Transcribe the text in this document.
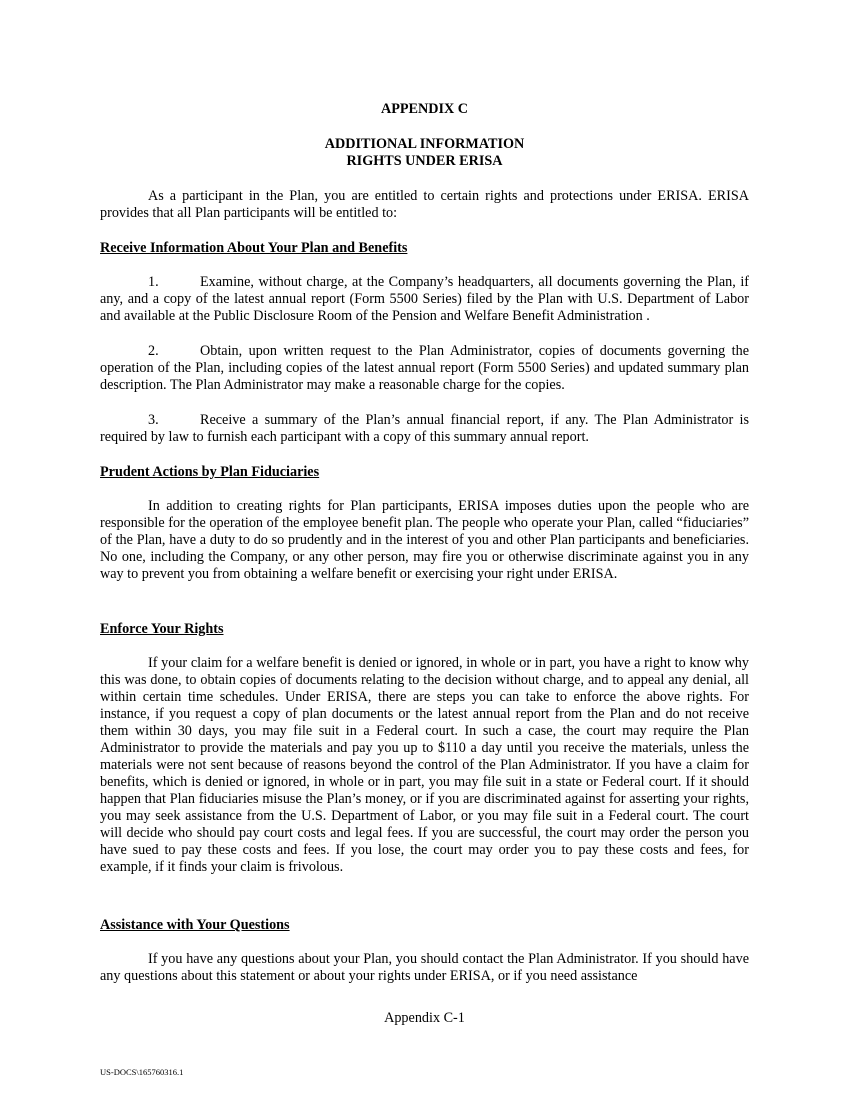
APPENDIX C
ADDITIONAL INFORMATION
RIGHTS UNDER ERISA

As a participant in the Plan, you are entitled to certain rights and protections under ERISA. ERISA provides that all Plan participants will be entitled to:

Receive Information About Your Plan and Benefits

1.	Examine, without charge, at the Company’s headquarters, all documents governing the Plan, if any, and a copy of the latest annual report (Form 5500 Series) filed by the Plan with U.S. Department of Labor and available at the Public Disclosure Room of the Pension and Welfare Benefit Administration .

2.	Obtain, upon written request to the Plan Administrator, copies of documents governing the operation of the Plan, including copies of the latest annual report (Form 5500 Series) and updated summary plan description. The Plan Administrator may make a reasonable charge for the copies.

3.	Receive a summary of the Plan’s annual financial report, if any. The Plan Administrator is required by law to furnish each participant with a copy of this summary annual report.

Prudent Actions by Plan Fiduciaries

In addition to creating rights for Plan participants, ERISA imposes duties upon the people who are responsible for the operation of the employee benefit plan. The people who operate your Plan, called “fiduciaries” of the Plan, have a duty to do so prudently and in the interest of you and other Plan participants and beneficiaries. No one, including the Company, or any other person, may fire you or otherwise discriminate against you in any way to prevent you from obtaining a welfare benefit or exercising your right under ERISA.

Enforce Your Rights

If your claim for a welfare benefit is denied or ignored, in whole or in part, you have a right to know why this was done, to obtain copies of documents relating to the decision without charge, and to appeal any denial, all within certain time schedules. Under ERISA, there are steps you can take to enforce the above rights. For instance, if you request a copy of plan documents or the latest annual report from the Plan and do not receive them within 30 days, you may file suit in a Federal court. In such a case, the court may require the Plan Administrator to provide the materials and pay you up to $110 a day until you receive the materials, unless the materials were not sent because of reasons beyond the control of the Plan Administrator. If you have a claim for benefits, which is denied or ignored, in whole or in part, you may file suit in a state or Federal court. If it should happen that Plan fiduciaries misuse the Plan’s money, or if you are discriminated against for asserting your rights, you may seek assistance from the U.S. Department of Labor, or you may file suit in a Federal court. The court will decide who should pay court costs and legal fees. If you are successful, the court may order the person you have sued to pay these costs and fees. If you lose, the court may order you to pay these costs and fees, for example, if it finds your claim is frivolous.

Assistance with Your Questions

If you have any questions about your Plan, you should contact the Plan Administrator. If you should have any questions about this statement or about your rights under ERISA, or if you need assistance

Appendix C-1
US-DOCS\165760316.1
